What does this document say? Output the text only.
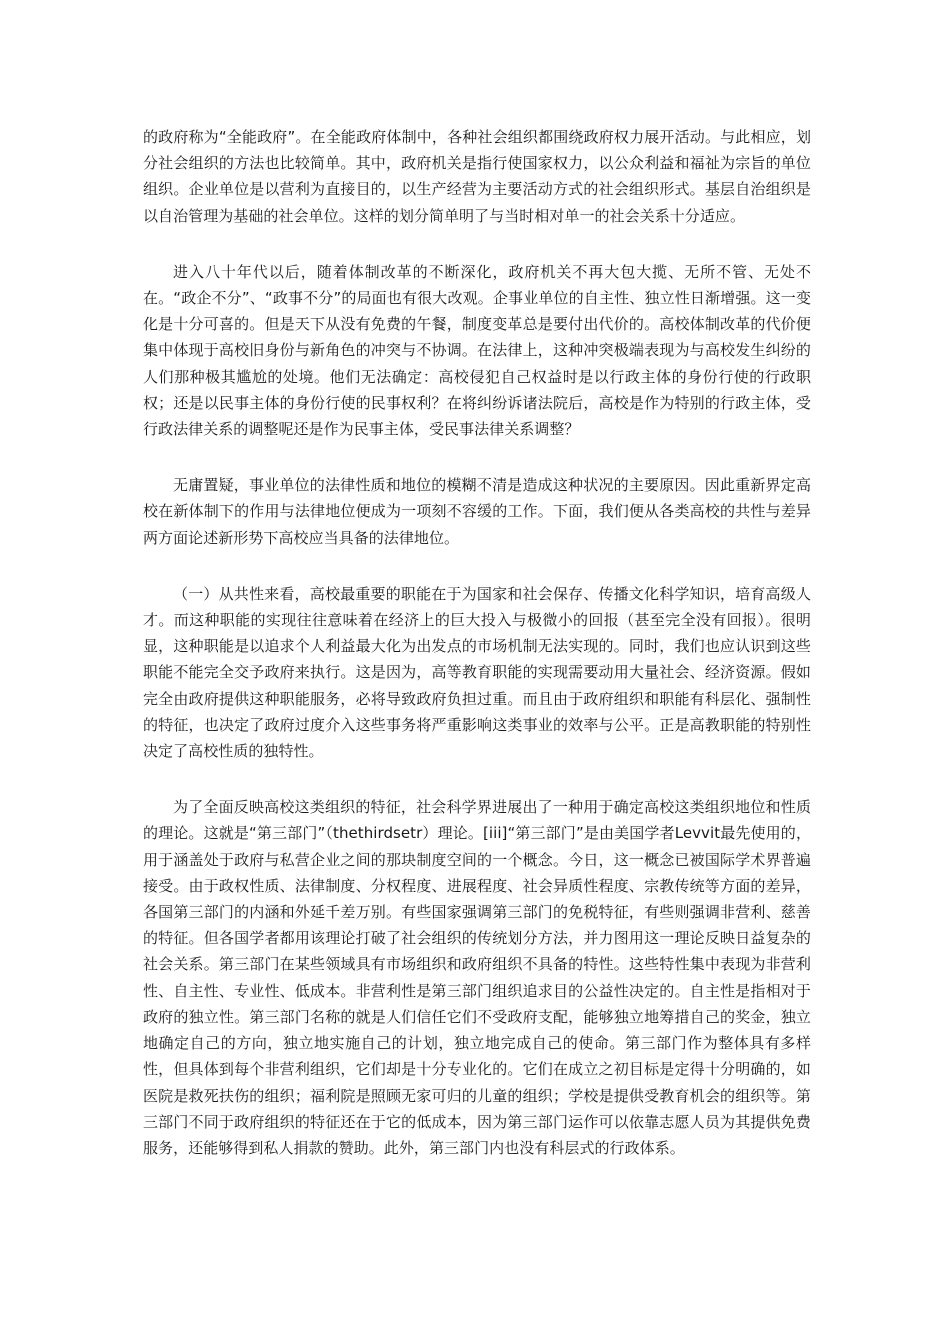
的政府称为“全能政府”。在全能政府体制中，各种社会组织都围绕政府权力展开活动。与此相应，划分社会组织的方法也比较简单。其中，政府机关是指行使国家权力，以公众利益和福祉为宗旨的单位组织。企业单位是以营利为直接目的，以生产经营为主要活动方式的社会组织形式。基层自治组织是以自治管理为基础的社会单位。这样的划分简单明了与当时相对单一的社会关系十分适应。

进入八十年代以后，随着体制改革的不断深化，政府机关不再大包大揽、无所不管、无处不在。“政企不分”、“政事不分”的局面也有很大改观。企事业单位的自主性、独立性日渐增强。这一变化是十分可喜的。但是天下从没有免费的午餐，制度变革总是要付出代价的。高校体制改革的代价便集中体现于高校旧身份与新角色的冲突与不协调。在法律上，这种冲突极端表现为与高校发生纠纷的人们那种极其尴尬的处境。他们无法确定：高校侵犯自己权益时是以行政主体的身份行使的行政职权；还是以民事主体的身份行使的民事权利？在将纠纷诉诸法院后，高校是作为特别的行政主体，受行政法律关系的调整呢还是作为民事主体，受民事法律关系调整？

无庸置疑，事业单位的法律性质和地位的模糊不清是造成这种状况的主要原因。因此重新界定高校在新体制下的作用与法律地位便成为一项刻不容缓的工作。下面，我们便从各类高校的共性与差异两方面论述新形势下高校应当具备的法律地位。

（一）从共性来看，高校最重要的职能在于为国家和社会保存、传播文化科学知识，培育高级人才。而这种职能的实现往往意味着在经济上的巨大投入与极微小的回报（甚至完全没有回报）。很明显，这种职能是以追求个人利益最大化为出发点的市场机制无法实现的。同时，我们也应认识到这些职能不能完全交予政府来执行。这是因为，高等教育职能的实现需要动用大量社会、经济资源。假如完全由政府提供这种职能服务，必将导致政府负担过重。而且由于政府组织和职能有科层化、强制性的特征，也决定了政府过度介入这些事务将严重影响这类事业的效率与公平。正是高教职能的特别性决定了高校性质的独特性。

为了全面反映高校这类组织的特征，社会科学界进展出了一种用于确定高校这类组织地位和性质的理论。这就是“第三部门”（thethirdsetr）理论。[iii]“第三部门”是由美国学者Levvit最先使用的，用于涵盖处于政府与私营企业之间的那块制度空间的一个概念。今日，这一概念已被国际学术界普遍接受。由于政权性质、法律制度、分权程度、进展程度、社会异质性程度、宗教传统等方面的差异，各国第三部门的内涵和外延千差万别。有些国家强调第三部门的免税特征，有些则强调非营利、慈善的特征。但各国学者都用该理论打破了社会组织的传统划分方法，并力图用这一理论反映日益复杂的社会关系。第三部门在某些领域具有市场组织和政府组织不具备的特性。这些特性集中表现为非营利性、自主性、专业性、低成本。非营利性是第三部门组织追求目的公益性决定的。自主性是指相对于政府的独立性。第三部门名称的就是人们信任它们不受政府支配，能够独立地筹措自己的奖金，独立地确定自己的方向，独立地实施自己的计划，独立地完成自己的使命。第三部门作为整体具有多样性，但具体到每个非营利组织，它们却是十分专业化的。它们在成立之初目标是定得十分明确的，如医院是救死扶伤的组织；福利院是照顾无家可归的儿童的组织；学校是提供受教育机会的组织等。第三部门不同于政府组织的特征还在于它的低成本，因为第三部门运作可以依靠志愿人员为其提供免费服务，还能够得到私人捐款的赞助。此外，第三部门内也没有科层式的行政体系。
